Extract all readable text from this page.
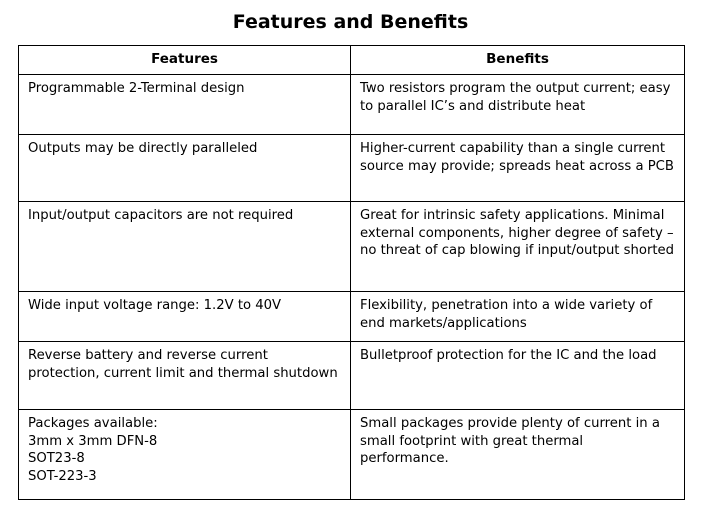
Features and Benefits
Features	Benefits
Programmable 2-Terminal design	Two resistors program the output current; easy to parallel IC’s and distribute heat
Outputs may be directly paralleled	Higher-current capability than a single current source may provide; spreads heat across a PCB
Input/output capacitors are not required	Great for intrinsic safety applications. Minimal external components, higher degree of safety – no threat of cap blowing if input/output shorted
Wide input voltage range: 1.2V to 40V	Flexibility, penetration into a wide variety of end markets/applications
Reverse battery and reverse current protection, current limit and thermal shutdown	Bulletproof protection for the IC and the load
Packages available:
3mm x 3mm DFN-8
SOT23-8
SOT-223-3	Small packages provide plenty of current in a small footprint with great thermal performance.
